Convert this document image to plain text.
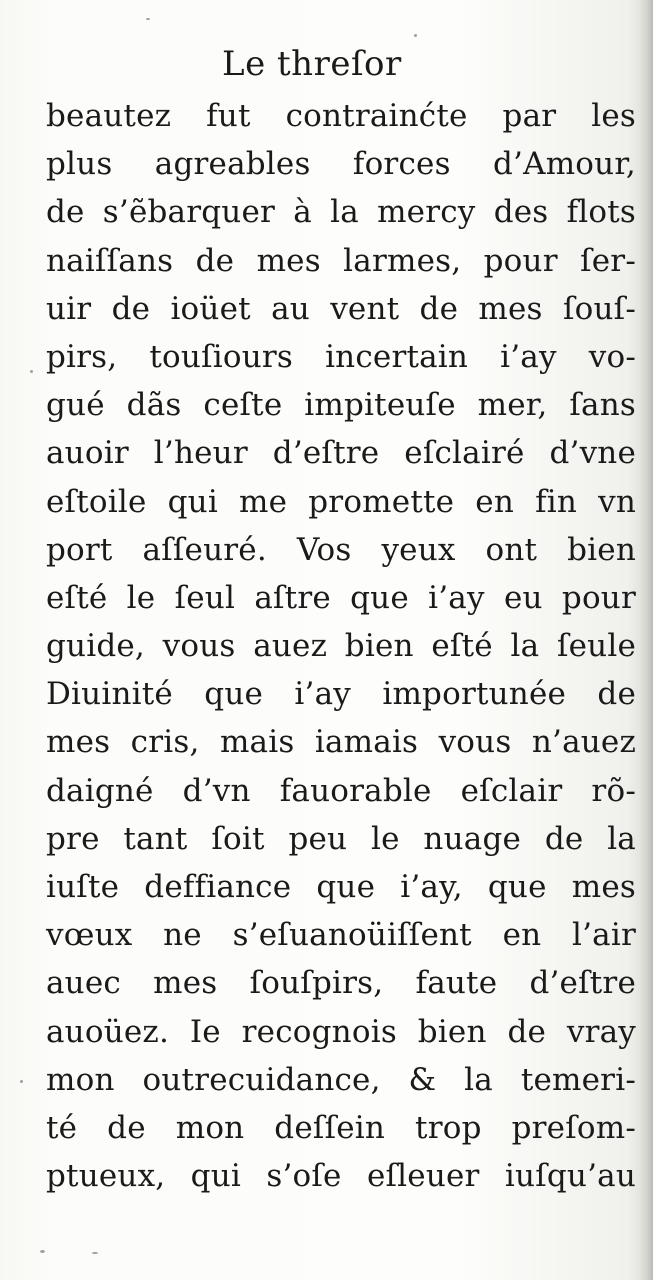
Le threſor
beautez fut contrainćte par les
plus agreables forces d’Amour,
de s’ẽbarquer à la mercy des flots
naiſſans de mes larmes, pour ſer-
uir de ioüet au vent de mes ſouſ-
pirs, touſiours incertain i’ay vo-
gué dãs ceſte impiteuſe mer, ſans
auoir l’heur d’eſtre eſclairé d’vne
eſtoile qui me promette en fin vn
port aſſeuré. Vos yeux ont bien
eſté le ſeul aſtre que i’ay eu pour
guide, vous auez bien eſté la ſeule
Diuinité que i’ay importunée de
mes cris, mais iamais vous n’auez
daigné d’vn fauorable eſclair rõ-
pre tant ſoit peu le nuage de la
iuſte deffiance que i’ay, que mes
vœux ne s’eſuanoüiſſent en l’air
auec mes ſouſpirs, faute d’eſtre
auoüez. Ie recognois bien de vray
mon outrecuidance, & la temeri-
té de mon deſſein trop preſom-
ptueux, qui s’oſe eſleuer iuſqu’au
